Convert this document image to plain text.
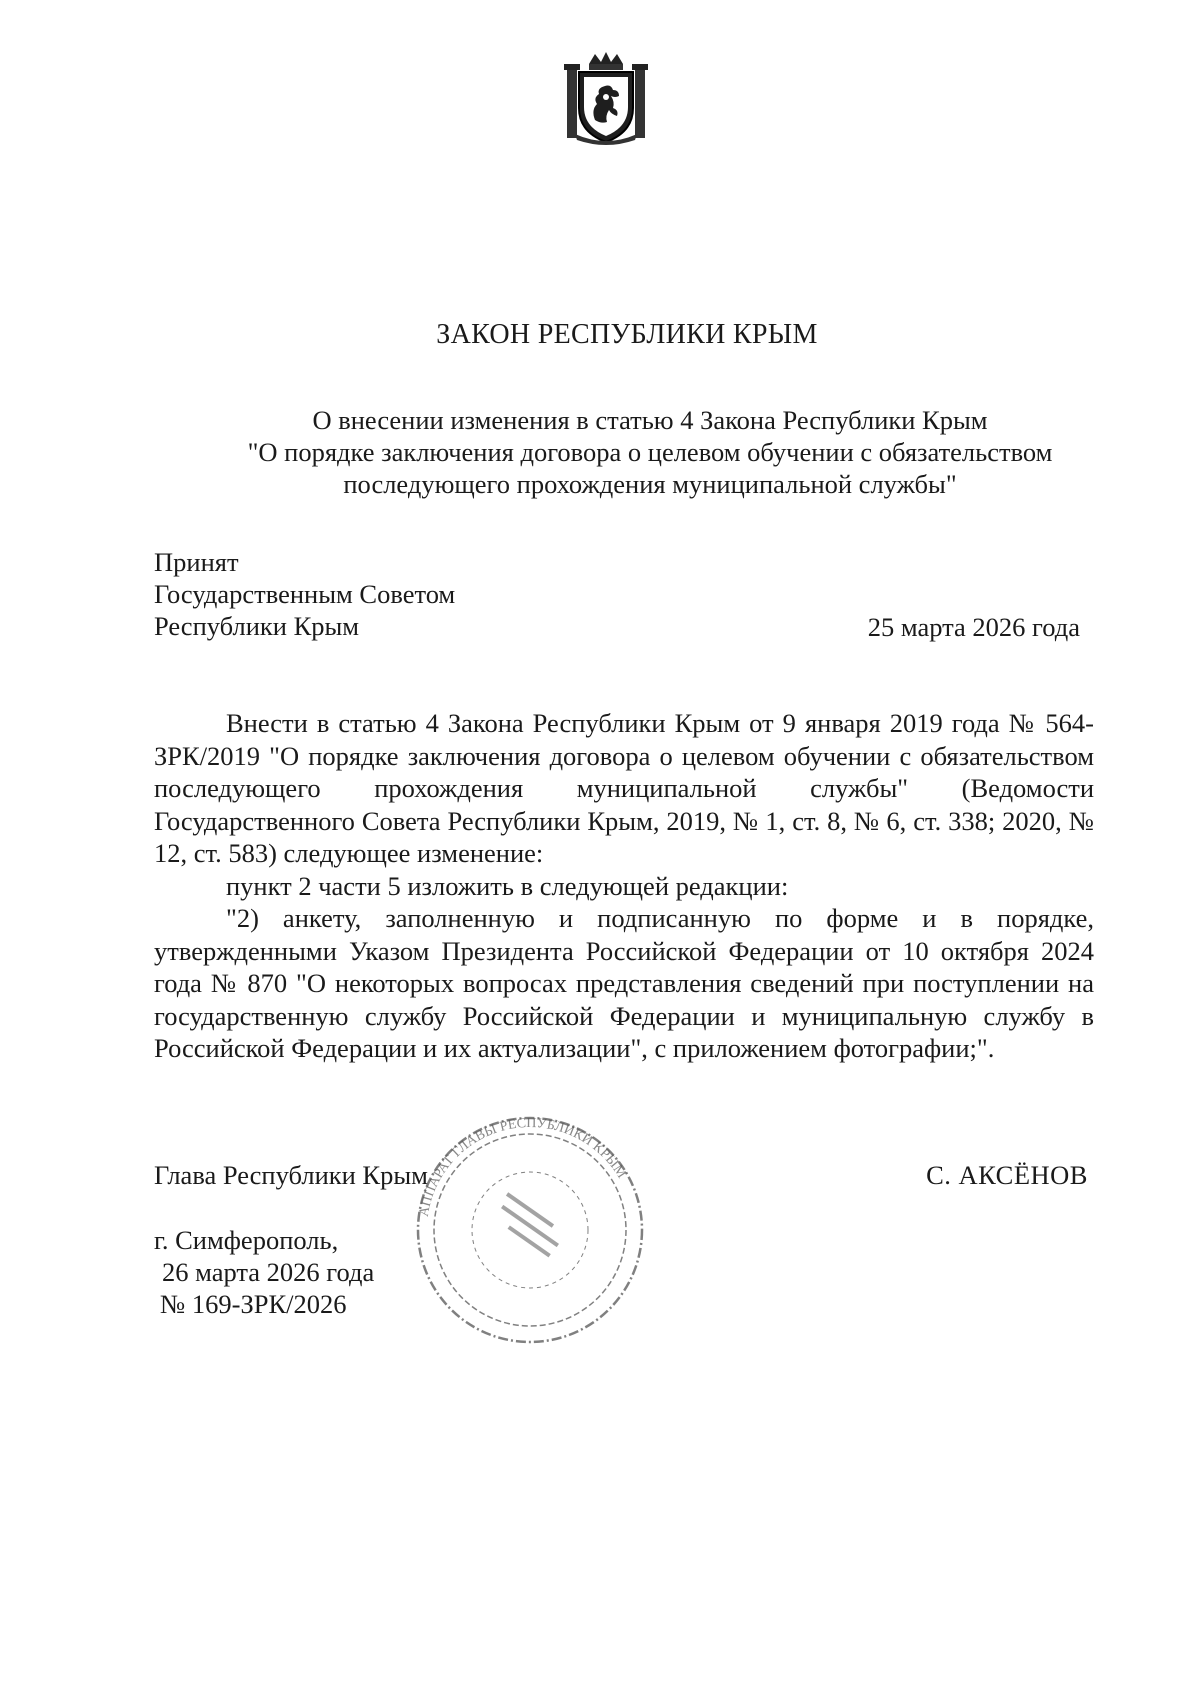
ЗАКОН РЕСПУБЛИКИ КРЫМ
О внесении изменения в статью 4 Закона Республики Крым
"О порядке заключения договора о целевом обучении с обязательством
последующего прохождения муниципальной службы"
Принят
Государственным Советом
Республики Крым	25 марта 2026 года

Внести в статью 4 Закона Республики Крым от 9 января 2019 года № 564-ЗРК/2019 "О порядке заключения договора о целевом обучении с обязательством последующего прохождения муниципальной службы" (Ведомости Государственного Совета Республики Крым, 2019, № 1, ст. 8, № 6, ст. 338; 2020, № 12, ст. 583) следующее изменение:

пункт 2 части 5 изложить в следующей редакции:

"2) анкету, заполненную и подписанную по форме и в порядке, утвержденными Указом Президента Российской Федерации от 10 октября 2024 года № 870 "О некоторых вопросах представления сведений при поступлении на государственную службу Российской Федерации и муниципальную службу в Российской Федерации и их актуализации", с приложением фотографии;".

АППАРАТ ГЛАВЫ РЕСПУБЛИКИ КРЫМ
Глава Республики Крым	С. АКСЁНОВ
г. Симферополь,
26 марта 2026 года
№ 169-ЗРК/2026
